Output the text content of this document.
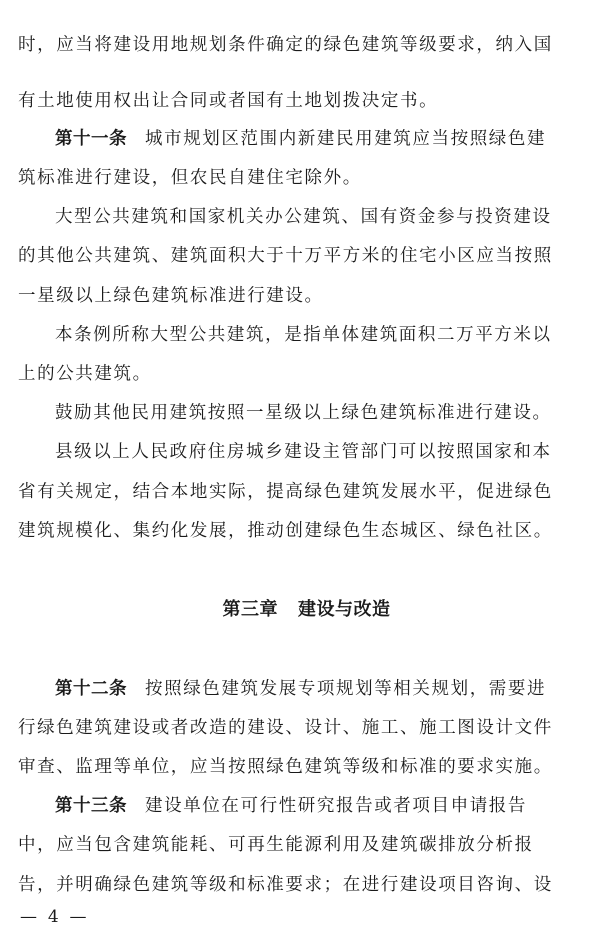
时，应当将建设用地规划条件确定的绿色建筑等级要求，纳入国
有土地使用权出让合同或者国有土地划拨决定书。
第十一条 城市规划区范围内新建民用建筑应当按照绿色建
筑标准进行建设，但农民自建住宅除外。
大型公共建筑和国家机关办公建筑、国有资金参与投资建设
的其他公共建筑、建筑面积大于十万平方米的住宅小区应当按照
一星级以上绿色建筑标准进行建设。
本条例所称大型公共建筑，是指单体建筑面积二万平方米以
上的公共建筑。
鼓励其他民用建筑按照一星级以上绿色建筑标准进行建设。
县级以上人民政府住房城乡建设主管部门可以按照国家和本
省有关规定，结合本地实际，提高绿色建筑发展水平，促进绿色
建筑规模化、集约化发展，推动创建绿色生态城区、绿色社区。
第三章 建设与改造
第十二条 按照绿色建筑发展专项规划等相关规划，需要进
行绿色建筑建设或者改造的建设、设计、施工、施工图设计文件
审查、监理等单位，应当按照绿色建筑等级和标准的要求实施。
第十三条 建设单位在可行性研究报告或者项目申请报告
中，应当包含建筑能耗、可再生能源利用及建筑碳排放分析报
告，并明确绿色建筑等级和标准要求；在进行建设项目咨询、设
— 4 —
